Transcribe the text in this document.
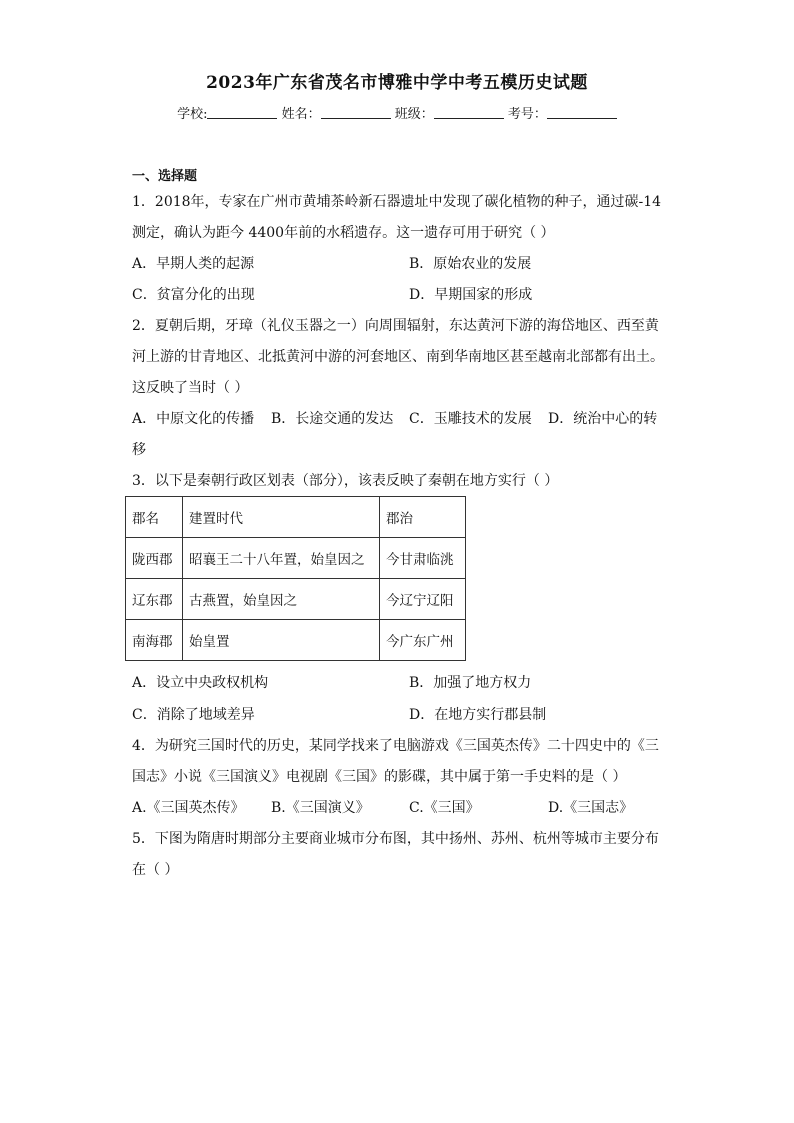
2023年广东省茂名市博雅中学中考五模历史试题
学校:	姓名：	班级：	考号：
一、选择题
1．2018年，专家在广州市黄埔茶岭新石器遗址中发现了碳化植物的种子，通过碳-14
测定，确认为距今 4400年前的水稻遗存。这一遗存可用于研究（ ）
A．早期人类的起源	B．原始农业的发展
C．贫富分化的出现	D．早期国家的形成
2．夏朝后期，牙璋（礼仪玉器之一）向周围辐射，东达黄河下游的海岱地区、西至黄
河上游的甘青地区、北抵黄河中游的河套地区、南到华南地区甚至越南北部都有出土。
这反映了当时（ ）
A．中原文化的传播 B．长途交通的发达 C．玉雕技术的发展 D．统治中心的转
移
3．以下是秦朝行政区划表（部分），该表反映了秦朝在地方实行（ ）
郡名	建置时代	郡治
陇西郡	昭襄王二十八年置，始皇因之	今甘肃临洮
辽东郡	古燕置，始皇因之	今辽宁辽阳
南海郡	始皇置	今广东广州
A．设立中央政权机构	B．加强了地方权力
C．消除了地域差异	D．在地方实行郡县制
4．为研究三国时代的历史，某同学找来了电脑游戏《三国英杰传》二十四史中的《三
国志》小说《三国演义》电视剧《三国》的影碟，其中属于第一手史料的是（ ）
A.《三国英杰传》 B.《三国演义》	C.《三国》	D.《三国志》
5．下图为隋唐时期部分主要商业城市分布图，其中扬州、苏州、杭州等城市主要分布
在（ ）
